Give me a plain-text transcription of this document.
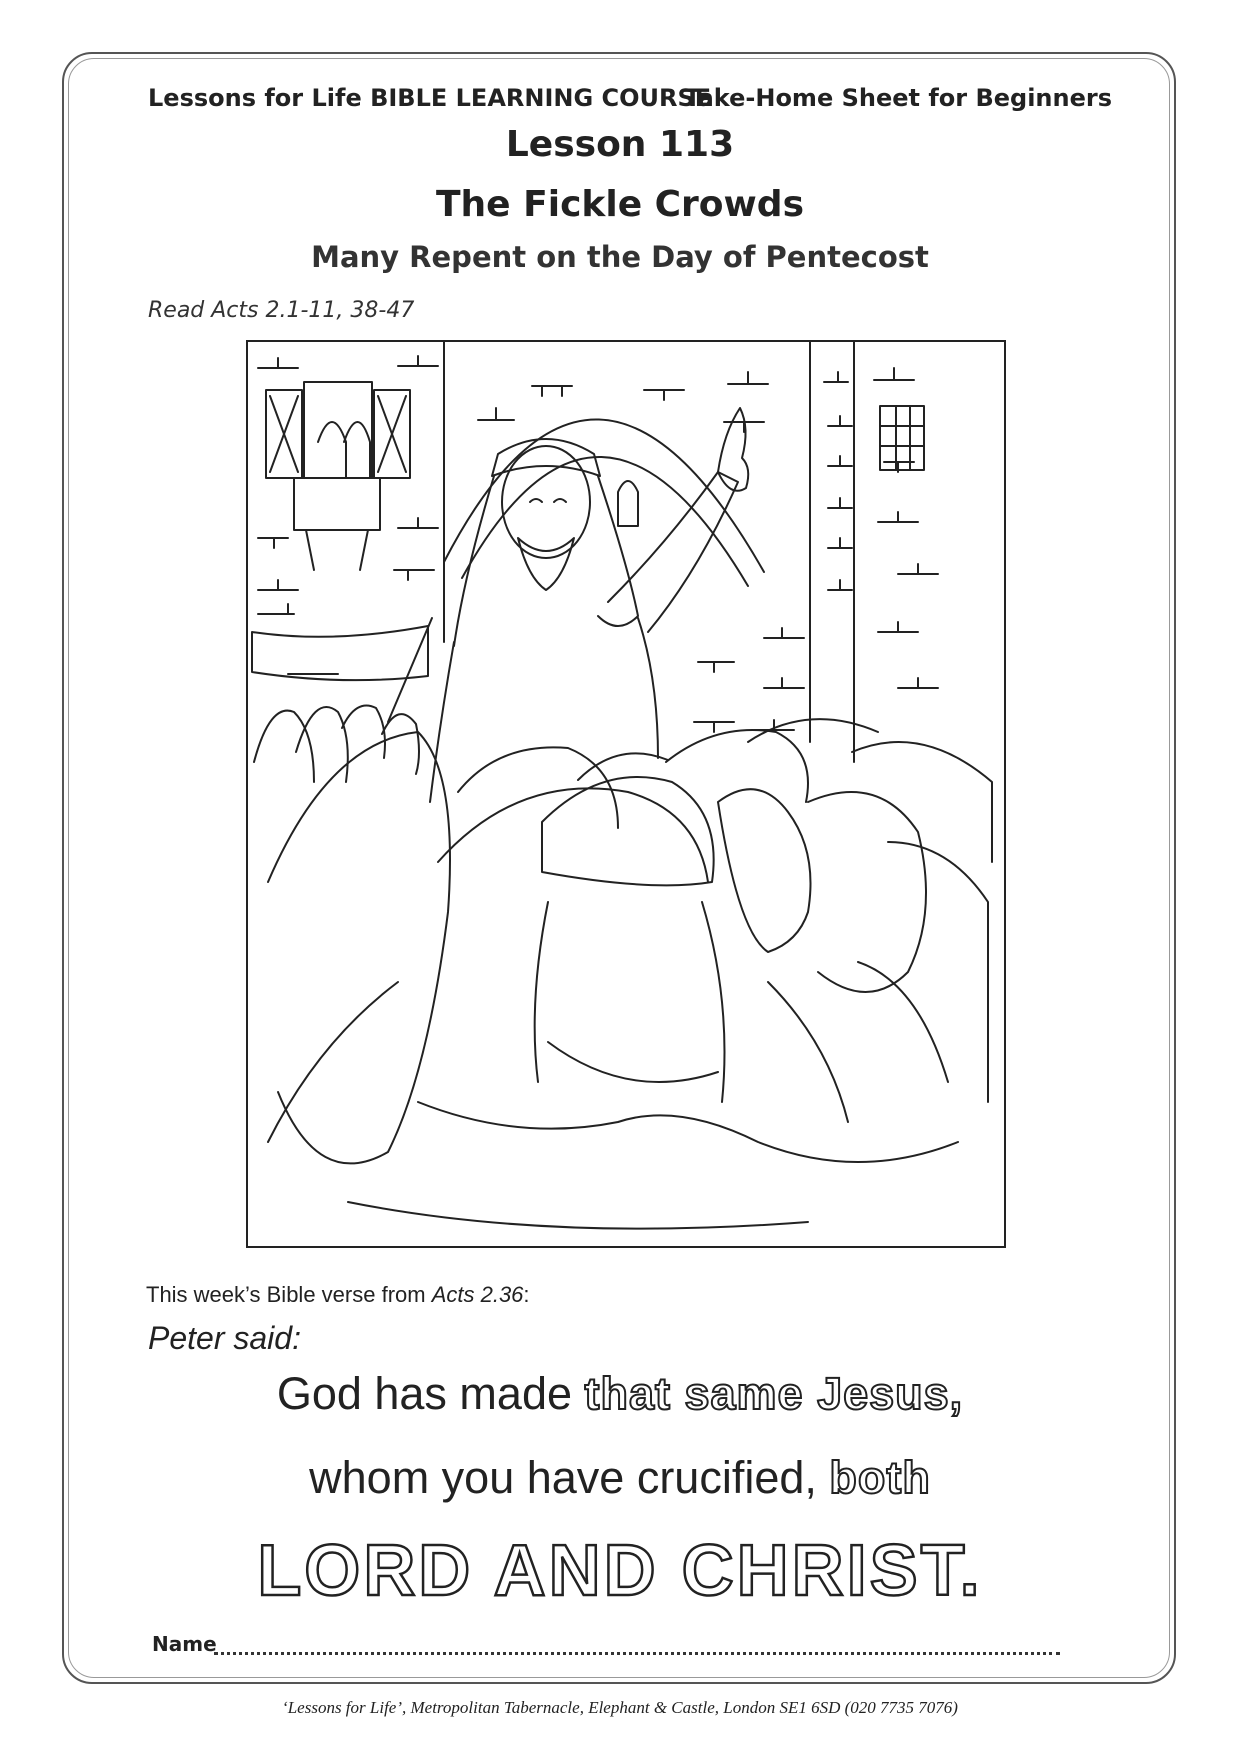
Lessons for Life BIBLE LEARNING COURSE
Take-Home Sheet for Beginners
Lesson 113
The Fickle Crowds
Many Repent on the Day of Pentecost
Read Acts 2.1-11, 38-47
This week’s Bible verse from Acts 2.36:
Peter said:
God has made that same Jesus,
whom you have crucified, both
LORD AND CHRIST.
Name
‘Lessons for Life’, Metropolitan Tabernacle, Elephant & Castle, London SE1 6SD (020 7735 7076)
